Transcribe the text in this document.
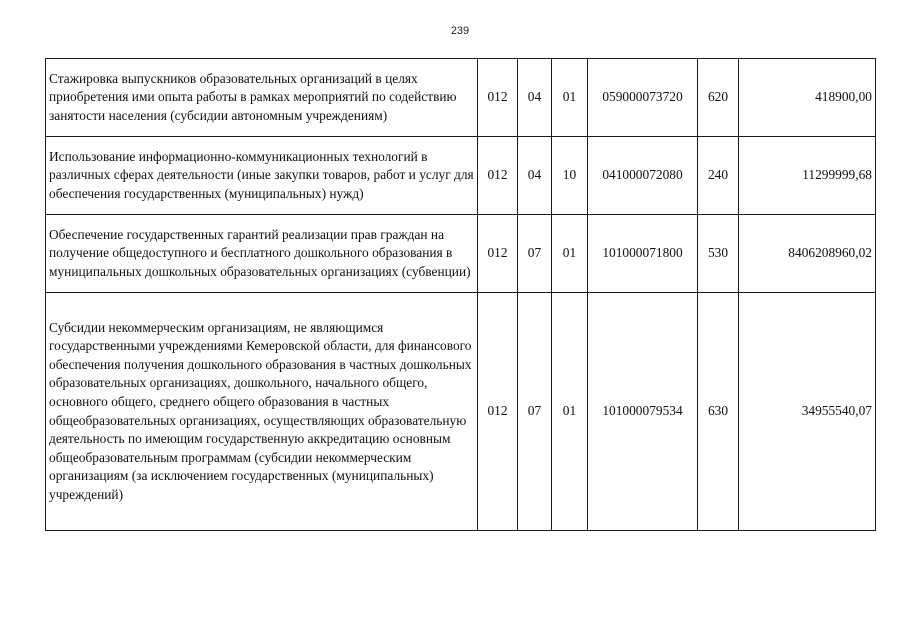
239
Стажировка выпускников образовательных организаций в целях приобретения ими опыта работы в рамках мероприятий по содействию занятости населения (субсидии автономным учреждениям)	012	04	01	059000073720	620	418900,00
Использование информационно-коммуникационных технологий в различных сферах деятельности (иные закупки товаров, работ и услуг для обеспечения государственных (муниципальных) нужд)	012	04	10	041000072080	240	11299999,68
Обеспечение государственных гарантий реализации прав граждан на получение общедоступного и бесплатного дошкольного образования в муниципальных дошкольных образовательных организациях (субвенции)	012	07	01	101000071800	530	8406208960,02
Субсидии некоммерческим организациям, не являющимся государственными учреждениями Кемеровской области, для финансового обеспечения получения дошкольного образования в частных дошкольных образовательных организациях, дошкольного, начального общего, основного общего, среднего общего образования в частных общеобразовательных организациях, осуществляющих образовательную деятельность по имеющим государственную аккредитацию основным общеобразовательным программам (субсидии некоммерческим организациям (за исключением государственных (муниципальных) учреждений)	012	07	01	101000079534	630	34955540,07
